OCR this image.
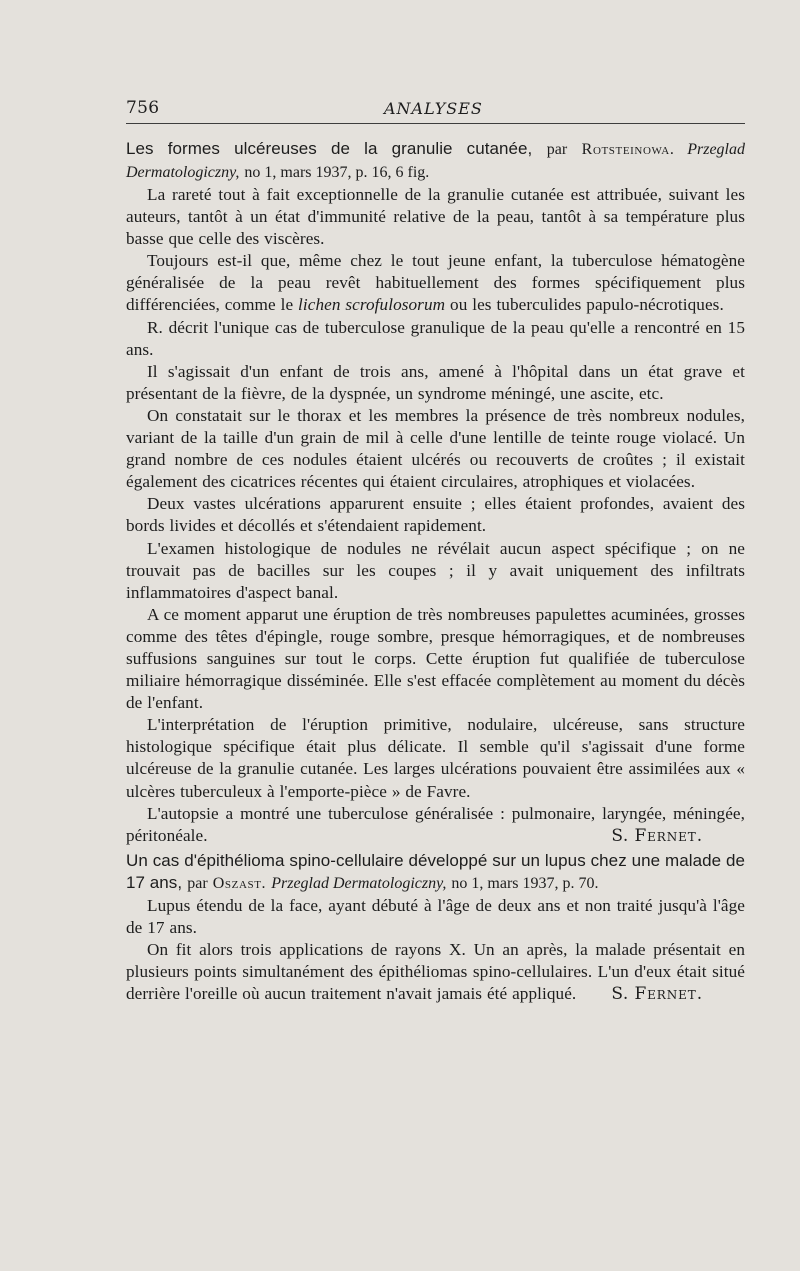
756	ANALYSES

Les formes ulcéreuses de la granulie cutanée, par Rotsteinowa. Przeglad Dermatologiczny, no 1, mars 1937, p. 16, 6 fig.

La rareté tout à fait exceptionnelle de la granulie cutanée est attribuée, suivant les auteurs, tantôt à un état d'immunité relative de la peau, tantôt à sa température plus basse que celle des viscères.

Toujours est-il que, même chez le tout jeune enfant, la tuberculose hématogène généralisée de la peau revêt habituellement des formes spécifiquement plus différenciées, comme le lichen scrofulosorum ou les tuberculides papulo-nécrotiques.

R. décrit l'unique cas de tuberculose granulique de la peau qu'elle a rencontré en 15 ans.

Il s'agissait d'un enfant de trois ans, amené à l'hôpital dans un état grave et présentant de la fièvre, de la dyspnée, un syndrome méningé, une ascite, etc.

On constatait sur le thorax et les membres la présence de très nombreux nodules, variant de la taille d'un grain de mil à celle d'une lentille de teinte rouge violacé. Un grand nombre de ces nodules étaient ulcérés ou recouverts de croûtes ; il existait également des cicatrices récentes qui étaient circulaires, atrophiques et violacées.

Deux vastes ulcérations apparurent ensuite ; elles étaient profondes, avaient des bords livides et décollés et s'étendaient rapidement.

L'examen histologique de nodules ne révélait aucun aspect spécifique ; on ne trouvait pas de bacilles sur les coupes ; il y avait uniquement des infiltrats inflammatoires d'aspect banal.

A ce moment apparut une éruption de très nombreuses papulettes acuminées, grosses comme des têtes d'épingle, rouge sombre, presque hémorragiques, et de nombreuses suffusions sanguines sur tout le corps. Cette éruption fut qualifiée de tuberculose miliaire hémorragique disséminée. Elle s'est effacée complètement au moment du décès de l'enfant.

L'interprétation de l'éruption primitive, nodulaire, ulcéreuse, sans structure histologique spécifique était plus délicate. Il semble qu'il s'agissait d'une forme ulcéreuse de la granulie cutanée. Les larges ulcérations pouvaient être assimilées aux « ulcères tuberculeux à l'emporte-pièce » de Favre.

L'autopsie a montré une tuberculose généralisée : pulmonaire, laryngée, méningée, péritonéale.	S. Fernet.

Un cas d'épithélioma spino-cellulaire développé sur un lupus chez une malade de 17 ans, par Oszast. Przeglad Dermatologiczny, no 1, mars 1937, p. 70.

Lupus étendu de la face, ayant débuté à l'âge de deux ans et non traité jusqu'à l'âge de 17 ans.

On fit alors trois applications de rayons X. Un an après, la malade présentait en plusieurs points simultanément des épithéliomas spino-cellulaires. L'un d'eux était situé derrière l'oreille où aucun traitement n'avait jamais été appliqué.	S. Fernet.
